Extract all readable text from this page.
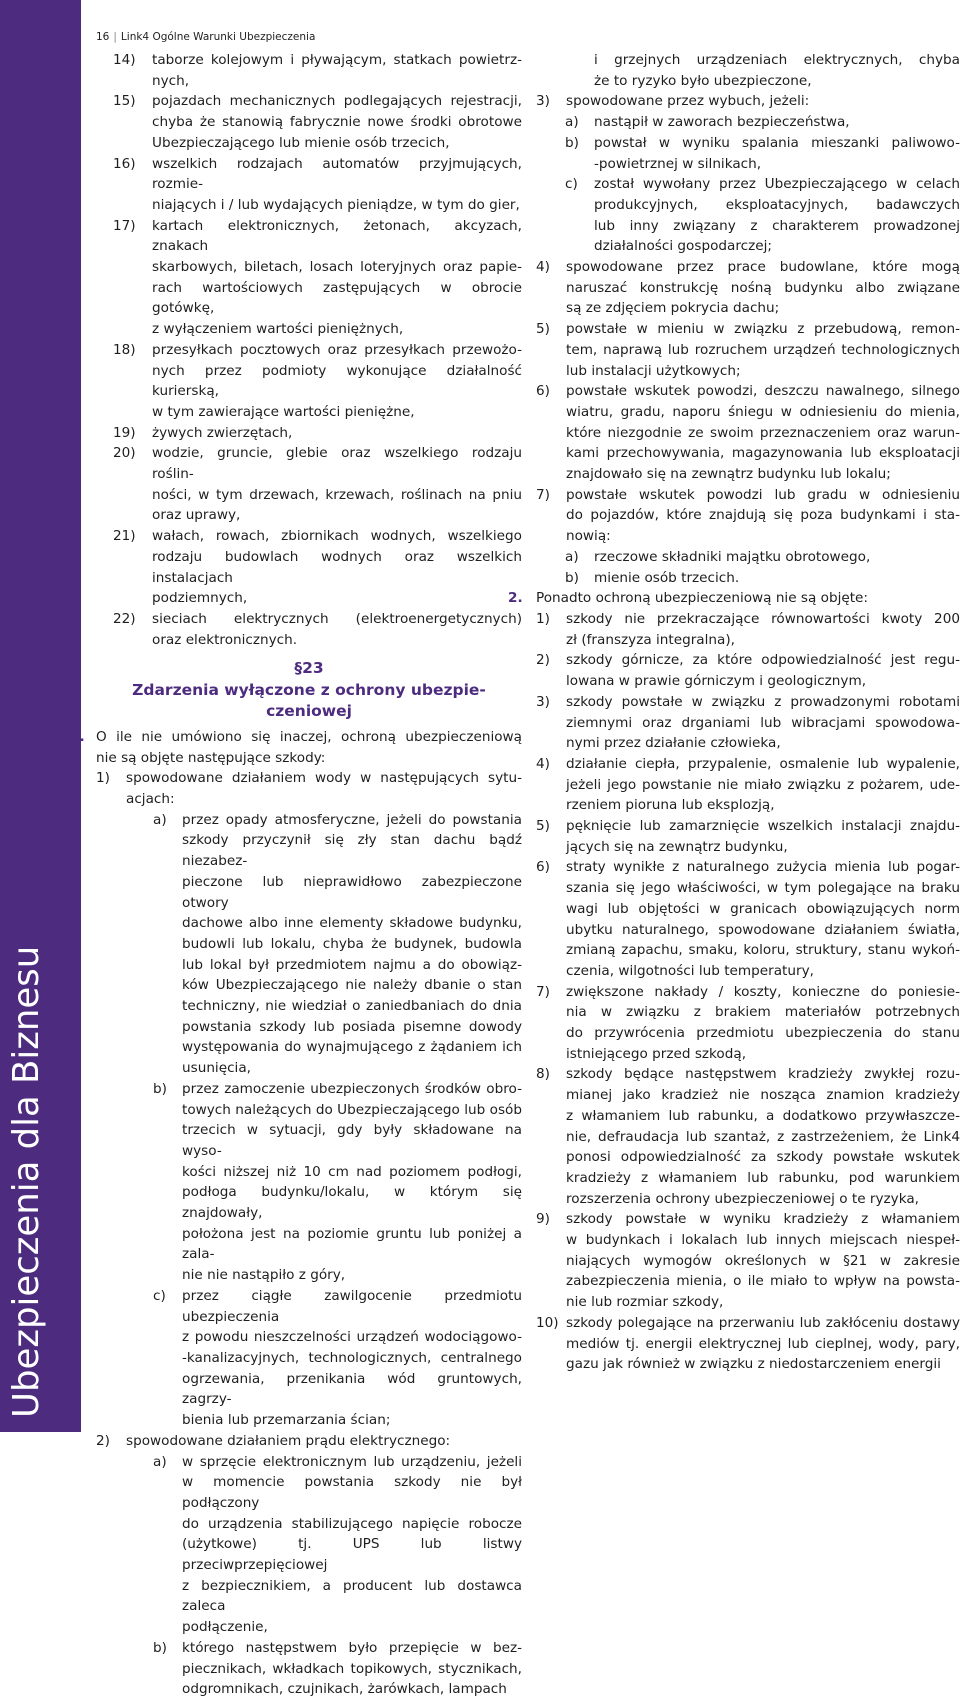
Ubezpieczenia dla Biznesu
16 | Link4 Ogólne Warunki Ubezpieczenia
14) taborze kolejowym i pływającym, statkach powietrz-
nych,
15) pojazdach mechanicznych podlegających rejestracji,
chyba że stanowią fabrycznie nowe środki obrotowe
Ubezpieczającego lub mienie osób trzecich,
16) wszelkich rodzajach automatów przyjmujących, rozmie-
niających i / lub wydających pieniądze, w tym do gier,
17) kartach elektronicznych, żetonach, akcyzach, znakach
skarbowych, biletach, losach loteryjnych oraz papie-
rach wartościowych zastępujących w obrocie gotówkę,
z wyłączeniem wartości pieniężnych,
18) przesyłkach pocztowych oraz przesyłkach przewożo-
nych przez podmioty wykonujące działalność kurierską,
w tym zawierające wartości pieniężne,
19) żywych zwierzętach,
20) wodzie, gruncie, glebie oraz wszelkiego rodzaju roślin-
ności, w tym drzewach, krzewach, roślinach na pniu
oraz uprawy,
21) wałach, rowach, zbiornikach wodnych, wszelkiego
rodzaju budowlach wodnych oraz wszelkich instalacjach
podziemnych,
22) sieciach elektrycznych (elektroenergetycznych)
oraz elektronicznych.
§23
Zdarzenia wyłączone z ochrony ubezpie-
czeniowej
1. O ile nie umówiono się inaczej, ochroną ubezpieczeniową
nie są objęte następujące szkody:
1) spowodowane działaniem wody w następujących sytu-
acjach:
a) przez opady atmosferyczne, jeżeli do powstania
szkody przyczynił się zły stan dachu bądź niezabez-
pieczone lub nieprawidłowo zabezpieczone otwory
dachowe albo inne elementy składowe budynku,
budowli lub lokalu, chyba że budynek, budowla
lub lokal był przedmiotem najmu a do obowiąz-
ków Ubezpieczającego nie należy dbanie o stan
techniczny, nie wiedział o zaniedbaniach do dnia
powstania szkody lub posiada pisemne dowody
występowania do wynajmującego z żądaniem ich
usunięcia,
b) przez zamoczenie ubezpieczonych środków obro-
towych należących do Ubezpieczającego lub osób
trzecich w sytuacji, gdy były składowane na wyso-
kości niższej niż 10 cm nad poziomem podłogi,
podłoga budynku/lokalu, w którym się znajdowały,
położona jest na poziomie gruntu lub poniżej a zala-
nie nie nastąpiło z góry,
c) przez ciągłe zawilgocenie przedmiotu ubezpieczenia
z powodu nieszczelności urządzeń wodociągowo-
-kanalizacyjnych, technologicznych, centralnego
ogrzewania, przenikania wód gruntowych, zagrzy-
bienia lub przemarzania ścian;
2) spowodowane działaniem prądu elektrycznego:
a) w sprzęcie elektronicznym lub urządzeniu, jeżeli
w momencie powstania szkody nie był podłączony
do urządzenia stabilizującego napięcie robocze
(użytkowe) tj. UPS lub listwy przeciwprzepięciowej
z bezpiecznikiem, a producent lub dostawca zaleca
podłączenie,
b) którego następstwem było przepięcie w bez-
piecznikach, wkładkach topikowych, stycznikach,
odgromnikach, czujnikach, żarówkach, lampach
i grzejnych urządzeniach elektrycznych, chyba
że to ryzyko było ubezpieczone,
3) spowodowane przez wybuch, jeżeli:
a) nastąpił w zaworach bezpieczeństwa,
b) powstał w wyniku spalania mieszanki paliwowo-
-powietrznej w silnikach,
c) został wywołany przez Ubezpieczającego w celach
produkcyjnych, eksploatacyjnych, badawczych
lub inny związany z charakterem prowadzonej
działalności gospodarczej;
4) spowodowane przez prace budowlane, które mogą
naruszać konstrukcję nośną budynku albo związane
są ze zdjęciem pokrycia dachu;
5) powstałe w mieniu w związku z przebudową, remon-
tem, naprawą lub rozruchem urządzeń technologicznych
lub instalacji użytkowych;
6) powstałe wskutek powodzi, deszczu nawalnego, silnego
wiatru, gradu, naporu śniegu w odniesieniu do mienia,
które niezgodnie ze swoim przeznaczeniem oraz warun-
kami przechowywania, magazynowania lub eksploatacji
znajdowało się na zewnątrz budynku lub lokalu;
7) powstałe wskutek powodzi lub gradu w odniesieniu
do pojazdów, które znajdują się poza budynkami i sta-
nowią:
a) rzeczowe składniki majątku obrotowego,
b) mienie osób trzecich.
2. Ponadto ochroną ubezpieczeniową nie są objęte:
1) szkody nie przekraczające równowartości kwoty 200
zł (franszyza integralna),
2) szkody górnicze, za które odpowiedzialność jest regu-
lowana w prawie górniczym i geologicznym,
3) szkody powstałe w związku z prowadzonymi robotami
ziemnymi oraz drganiami lub wibracjami spowodowa-
nymi przez działanie człowieka,
4) działanie ciepła, przypalenie, osmalenie lub wypalenie,
jeżeli jego powstanie nie miało związku z pożarem, ude-
rzeniem pioruna lub eksplozją,
5) pęknięcie lub zamarznięcie wszelkich instalacji znajdu-
jących się na zewnątrz budynku,
6) straty wynikłe z naturalnego zużycia mienia lub pogar-
szania się jego właściwości, w tym polegające na braku
wagi lub objętości w granicach obowiązujących norm
ubytku naturalnego, spowodowane działaniem światła,
zmianą zapachu, smaku, koloru, struktury, stanu wykoń-
czenia, wilgotności lub temperatury,
7) zwiększone nakłady / koszty, konieczne do poniesie-
nia w związku z brakiem materiałów potrzebnych
do przywrócenia przedmiotu ubezpieczenia do stanu
istniejącego przed szkodą,
8) szkody będące następstwem kradzieży zwykłej rozu-
mianej jako kradzież nie nosząca znamion kradzieży
z włamaniem lub rabunku, a dodatkowo przywłaszcze-
nie, defraudacja lub szantaż, z zastrzeżeniem, że Link4
ponosi odpowiedzialność za szkody powstałe wskutek
kradzieży z włamaniem lub rabunku, pod warunkiem
rozszerzenia ochrony ubezpieczeniowej o te ryzyka,
9) szkody powstałe w wyniku kradzieży z włamaniem
w budynkach i lokalach lub innych miejscach niespeł-
niających wymogów określonych w §21 w zakresie
zabezpieczenia mienia, o ile miało to wpływ na powsta-
nie lub rozmiar szkody,
10) szkody polegające na przerwaniu lub zakłóceniu dostawy
mediów tj. energii elektrycznej lub cieplnej, wody, pary,
gazu jak również w związku z niedostarczeniem energii
